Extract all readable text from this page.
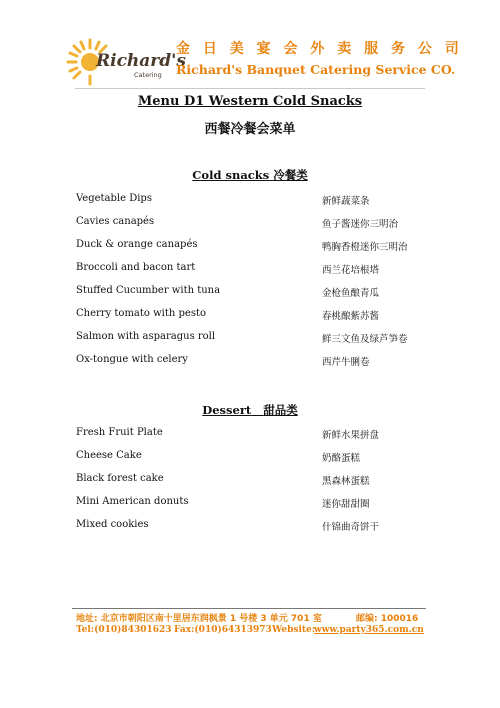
Richard's
Catering
金 日 美 宴 会 外 卖 服 务 公 司
Richard's Banquet Catering Service CO.
Menu D1 Western Cold Snacks
西餐冷餐会菜单
Cold snacks 冷餐类
Vegetable Dips	新鲜蔬菜条
Cavies canapés	鱼子酱迷你三明治
Duck & orange canapés	鸭胸香橙迷你三明治
Broccoli and bacon tart	西兰花培根塔
Stuffed Cucumber with tuna	金枪鱼酿青瓜
Cherry tomato with pesto	春桃酿紫苏酱
Salmon with asparagus roll	鲜三文鱼及绿芦笋卷
Ox-tongue with celery	西芹牛脷卷
Dessert 甜品类
Fresh Fruit Plate	新鲜水果拼盘
Cheese Cake	奶酪蛋糕
Black forest cake	黑森林蛋糕
Mini American donuts	迷你甜甜圈
Mixed cookies	什锦曲奇饼干
地址: 北京市朝阳区南十里居东润枫景 1 号楼 3 单元 701 室	邮编: 100016
Tel:(010)84301623 Fax:(010)64313973 Website:
www.party365.com.cn
